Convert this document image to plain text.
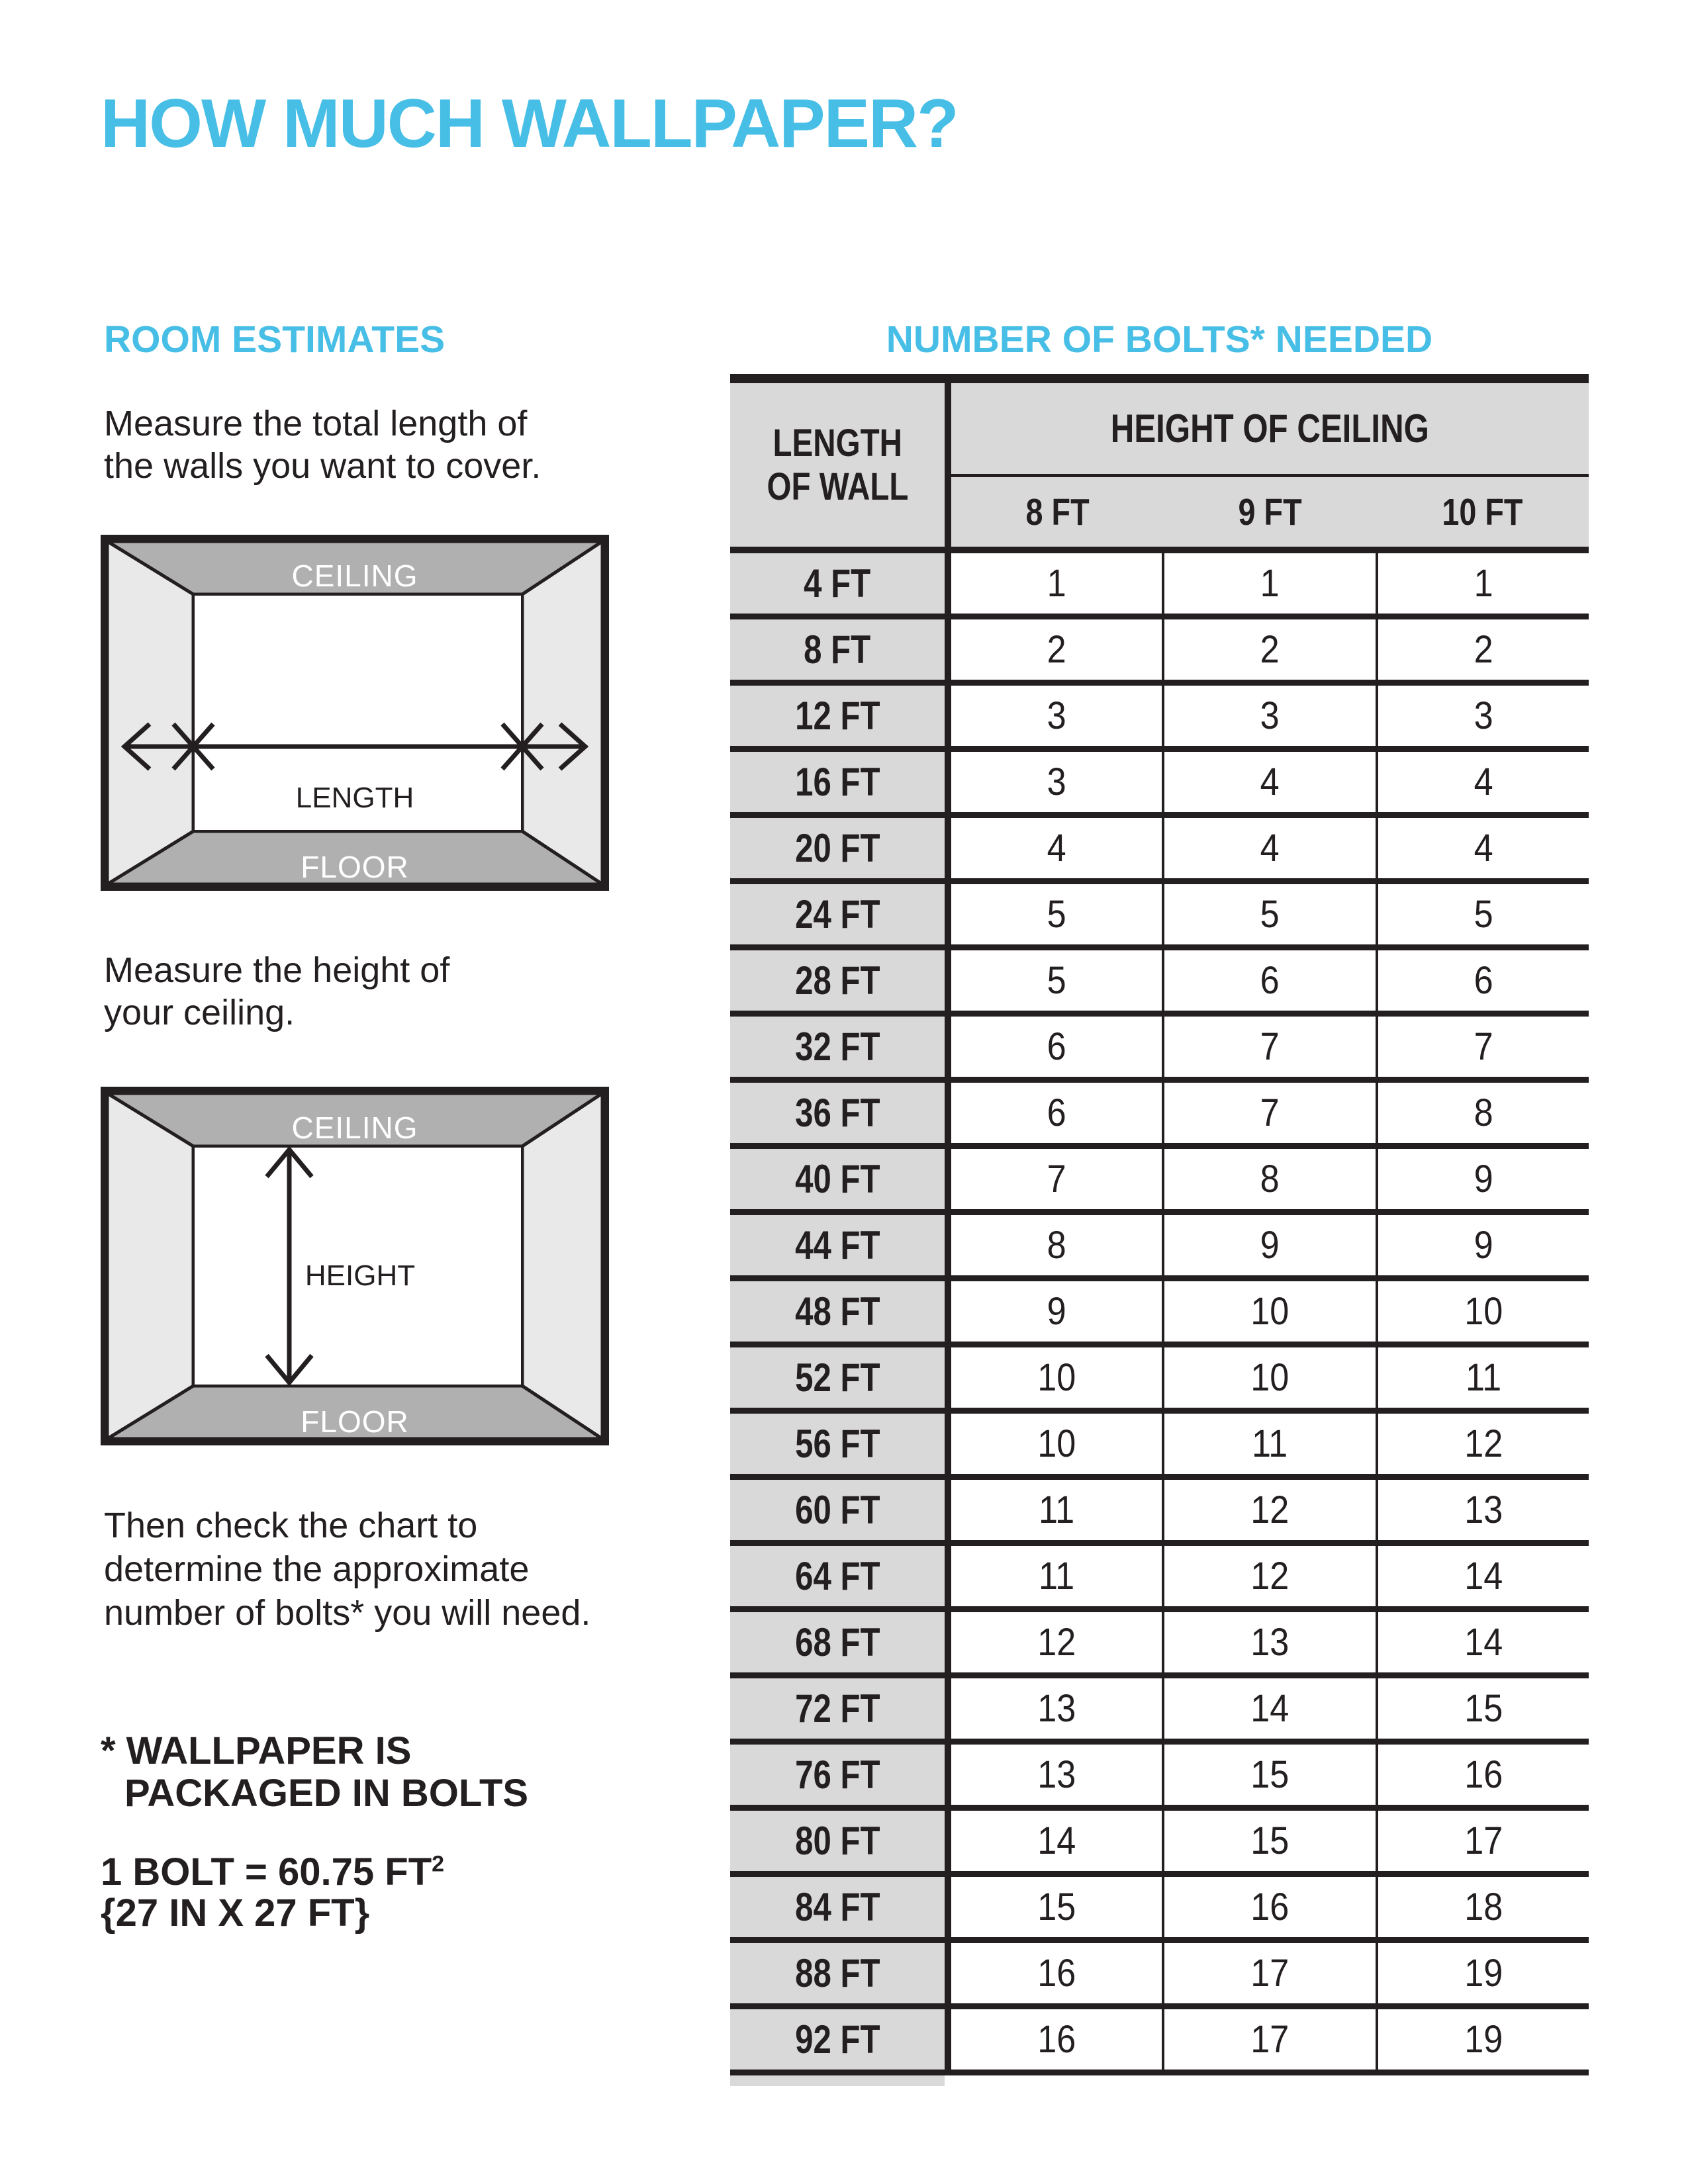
HOW MUCH WALLPAPER?
ROOM ESTIMATES
Measure the total length of
the walls you want to cover.
CEILING
FLOOR
LENGTH
Measure the height of
your ceiling.
CEILING
FLOOR
HEIGHT
Then check the chart to
determine the approximate
number of bolts* you will need.
* WALLPAPER IS
PACKAGED IN BOLTS
1 BOLT = 60.75 $FT^2$
{27 IN X 27 FT}
NUMBER OF BOLTS* NEEDED
LENGTH
OF WALL
HEIGHT OF CEILING
8 FT	9 FT	10 FT
4 FT	1	1	1
8 FT	2	2	2
12 FT	3	3	3
16 FT	3	4	4
20 FT	4	4	4
24 FT	5	5	5
28 FT	5	6	6
32 FT	6	7	7
36 FT	6	7	8
40 FT	7	8	9
44 FT	8	9	9
48 FT	9	10	10
52 FT	10	10	11
56 FT	10	11	12
60 FT	11	12	13
64 FT	11	12	14
68 FT	12	13	14
72 FT	13	14	15
76 FT	13	15	16
80 FT	14	15	17
84 FT	15	16	18
88 FT	16	17	19
92 FT	16	17	19
